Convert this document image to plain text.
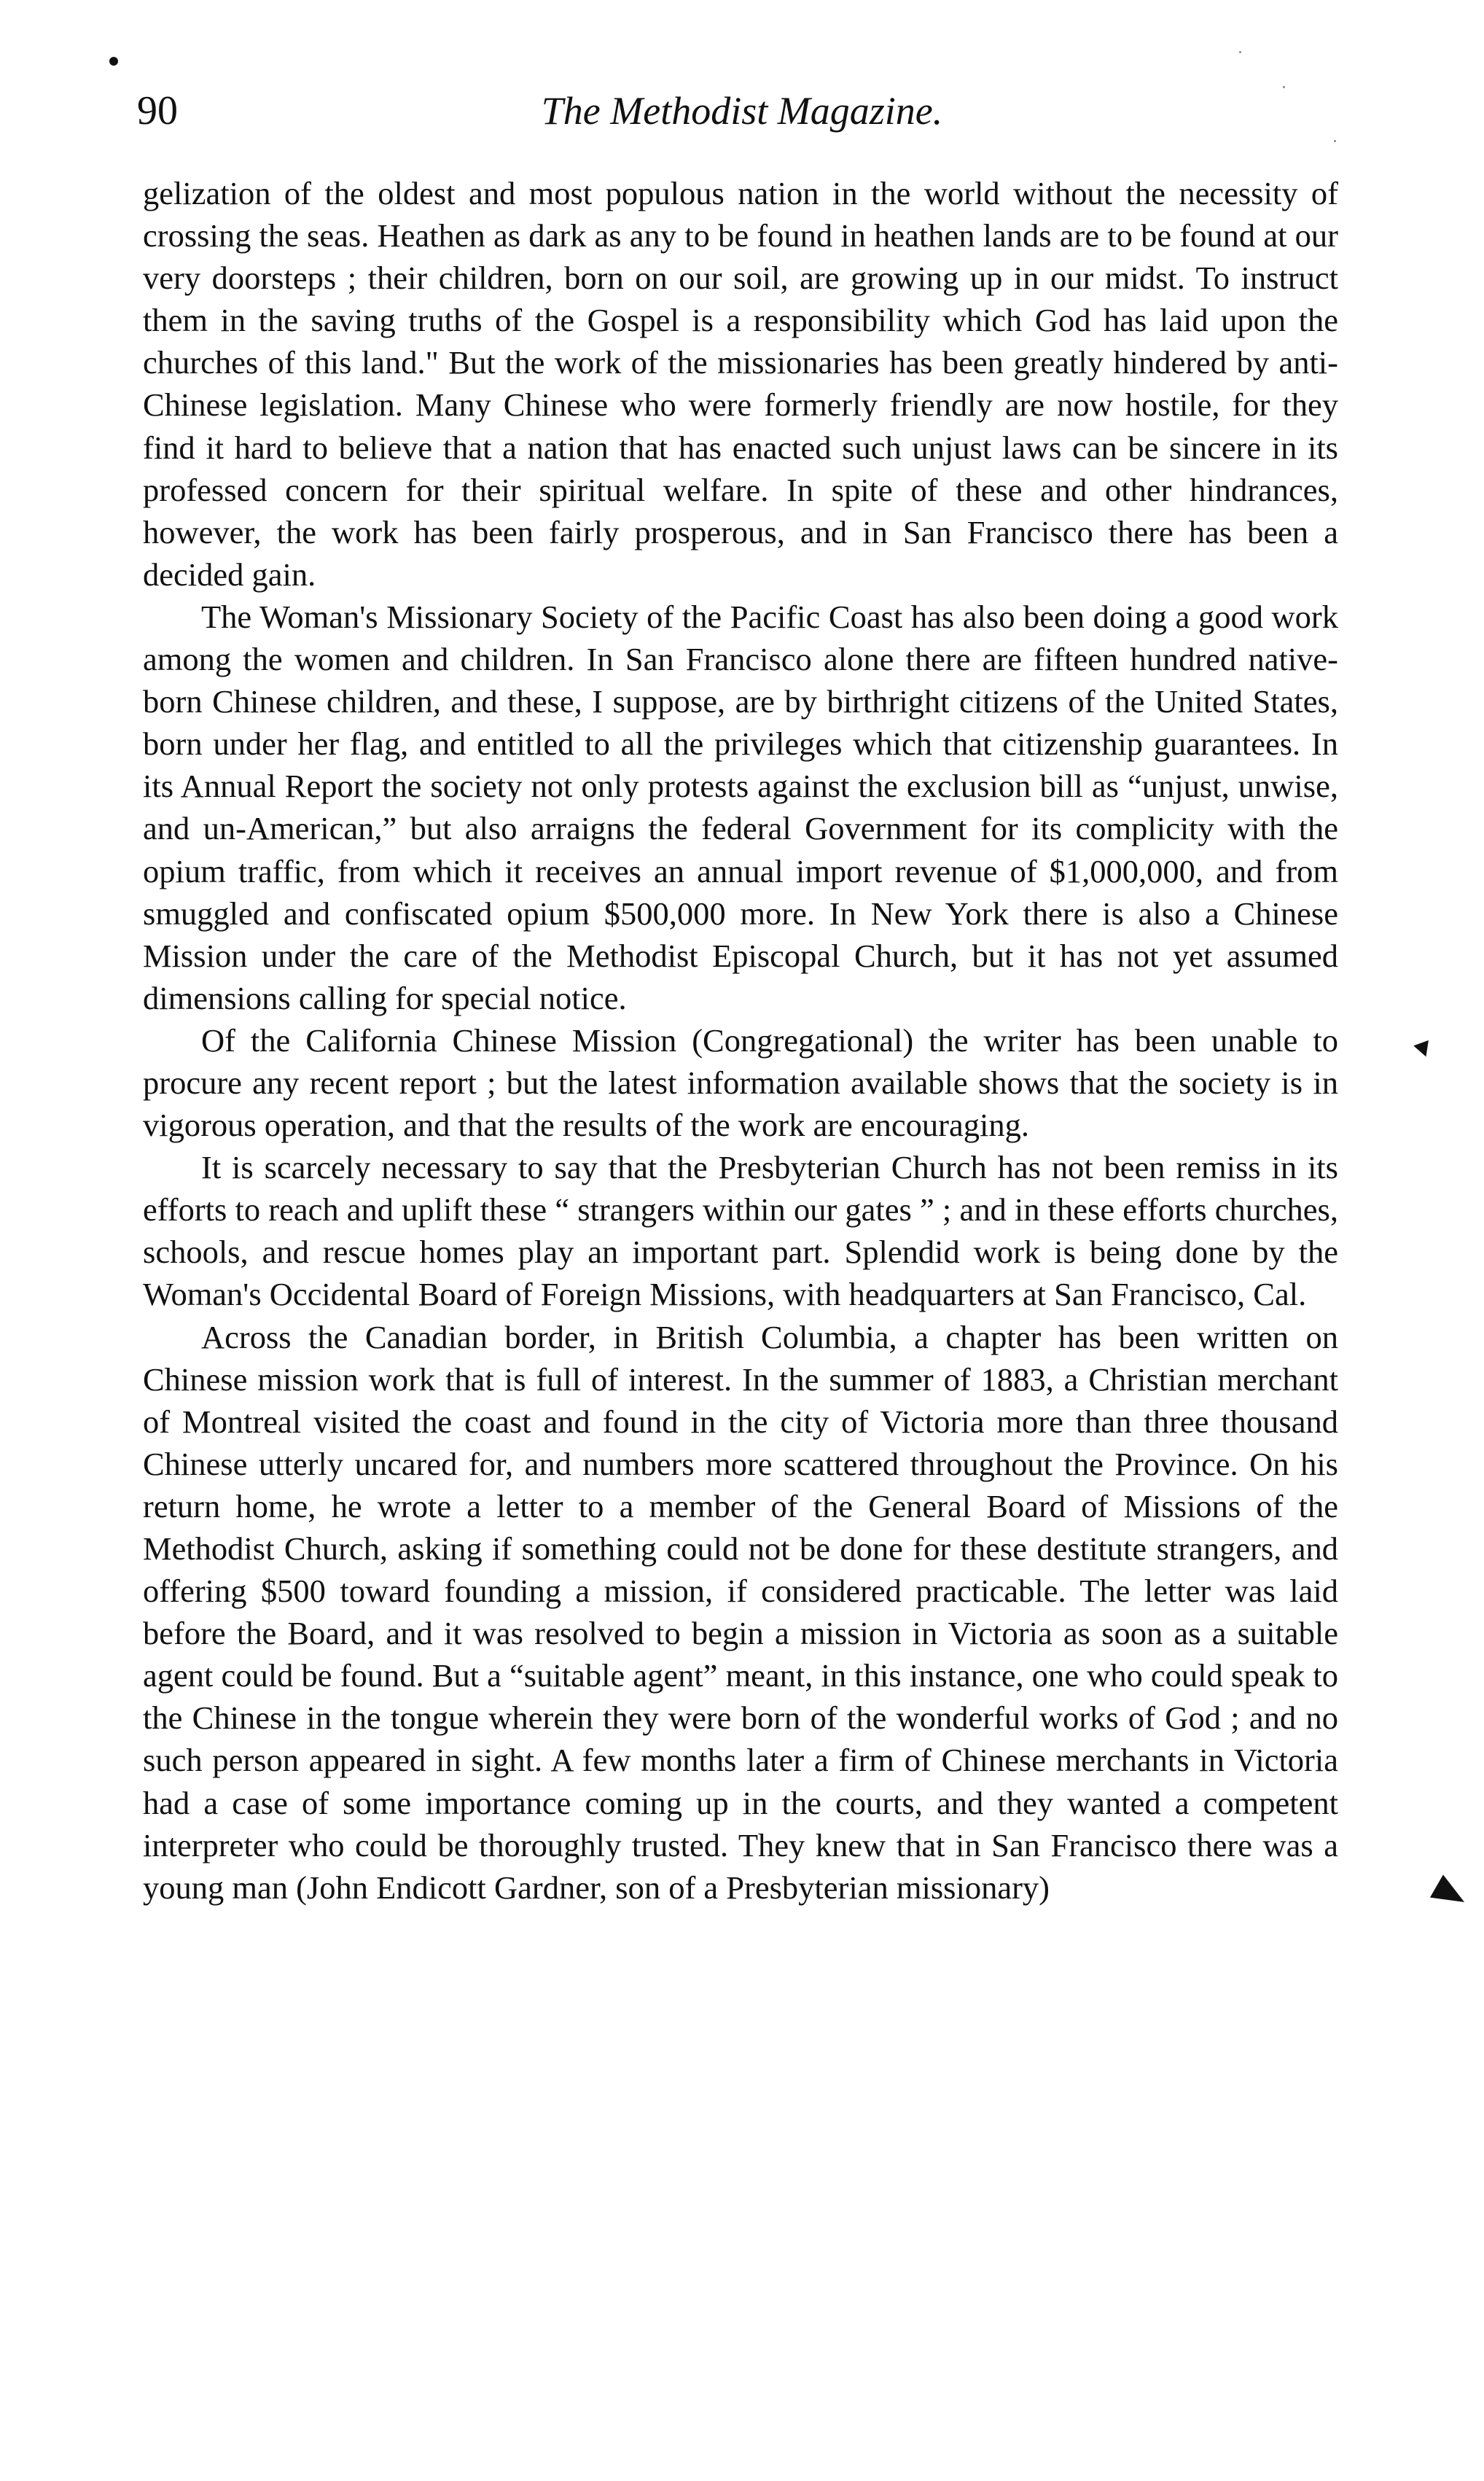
90	The Methodist Magazine.

gelization of the oldest and most populous nation in the world without the necessity of crossing the seas. Heathen as dark as any to be found in heathen lands are to be found at our very doorsteps ; their children, born on our soil, are growing up in our midst. To instruct them in the saving truths of the Gospel is a responsibility which God has laid upon the churches of this land." But the work of the missionaries has been greatly hindered by anti-Chinese legislation. Many Chinese who were formerly friendly are now hostile, for they find it hard to believe that a nation that has enacted such unjust laws can be sincere in its professed concern for their spiritual welfare. In spite of these and other hindrances, however, the work has been fairly prosperous, and in San Francisco there has been a decided gain.

The Woman's Missionary Society of the Pacific Coast has also been doing a good work among the women and children. In San Francisco alone there are fifteen hundred native-born Chinese children, and these, I suppose, are by birthright citizens of the United States, born under her flag, and entitled to all the privileges which that citizenship guarantees. In its Annual Report the society not only protests against the exclusion bill as “unjust, unwise, and un-American,” but also arraigns the federal Government for its complicity with the opium traffic, from which it receives an annual import revenue of $1,000,000, and from smuggled and confiscated opium $500,000 more. In New York there is also a Chinese Mission under the care of the Methodist Episcopal Church, but it has not yet assumed dimensions calling for special notice.

Of the California Chinese Mission (Congregational) the writer has been unable to procure any recent report ; but the latest information available shows that the society is in vigorous operation, and that the results of the work are encouraging.

It is scarcely necessary to say that the Presbyterian Church has not been remiss in its efforts to reach and uplift these “ strangers within our gates ” ; and in these efforts churches, schools, and rescue homes play an important part. Splendid work is being done by the Woman's Occidental Board of Foreign Missions, with headquarters at San Francisco, Cal.

Across the Canadian border, in British Columbia, a chapter has been written on Chinese mission work that is full of interest. In the summer of 1883, a Christian merchant of Montreal visited the coast and found in the city of Victoria more than three thousand Chinese utterly uncared for, and numbers more scattered throughout the Province. On his return home, he wrote a letter to a member of the General Board of Missions of the Methodist Church, asking if something could not be done for these destitute strangers, and offering $500 toward founding a mission, if considered practicable. The letter was laid before the Board, and it was resolved to begin a mission in Victoria as soon as a suitable agent could be found. But a “suitable agent” meant, in this instance, one who could speak to the Chinese in the tongue wherein they were born of the wonderful works of God ; and no such person appeared in sight. A few months later a firm of Chinese merchants in Victoria had a case of some importance coming up in the courts, and they wanted a competent interpreter who could be thoroughly trusted. They knew that in San Francisco there was a young man (John Endicott Gardner, son of a Presbyterian missionary)
